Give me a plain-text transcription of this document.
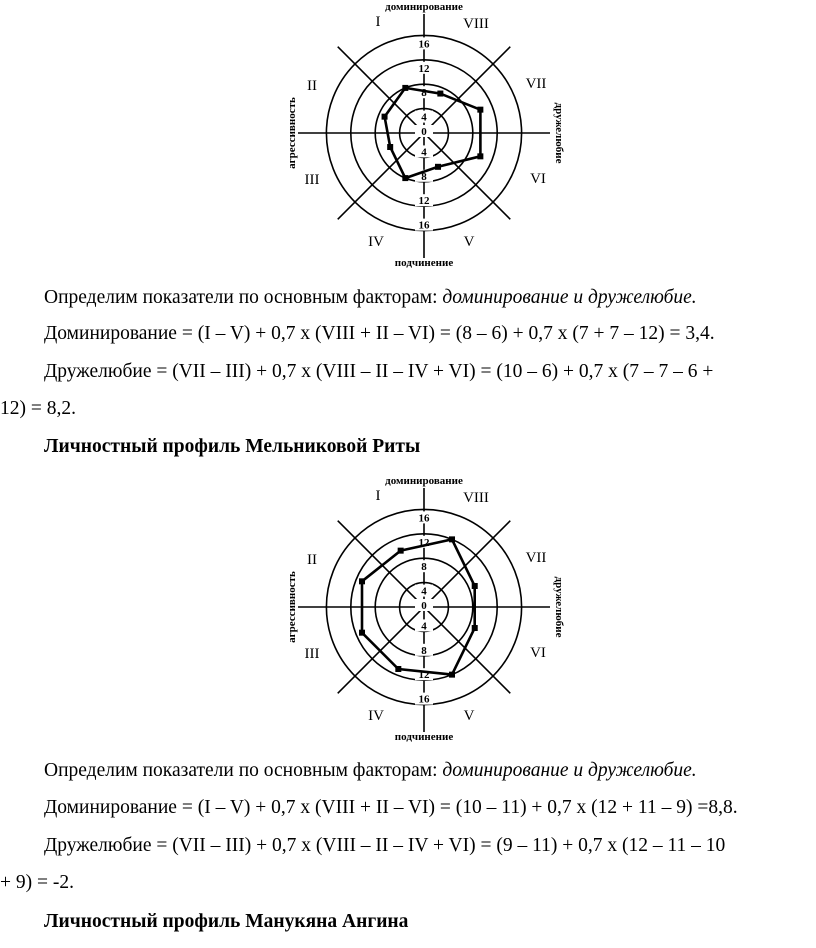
16
12
8
4
0
4
8
12
16
I	VIII
VII
VI
V
IV
III
II
доминирование
подчинение
агрессивность	дружелюбие
Определим показатели по основным факторам: доминирование и дружелюбие.
Доминирование = (I – V) + 0,7 х (VIII + II – VI) = (8 – 6) + 0,7 х (7 + 7 – 12) = 3,4.
Дружелюбие = (VII – III) + 0,7 х (VIII – II – IV + VI) = (10 – 6) + 0,7 х (7 – 7 – 6 +
12) = 8,2.
Личностный профиль Мельниковой Риты
16
12
8
4
0
4
8
12
16
I	VIII
VII
VI
V
IV
III
II
доминирование
подчинение
агрессивность	дружелюбие
Определим показатели по основным факторам: доминирование и дружелюбие.
Доминирование = (I – V) + 0,7 х (VIII + II – VI) = (10 – 11) + 0,7 х (12 + 11 – 9) =8,8.
Дружелюбие = (VII – III) + 0,7 х (VIII – II – IV + VI) = (9 – 11) + 0,7 х (12 – 11 – 10
+ 9) = -2.
Личностный профиль Манукяна Ангина
